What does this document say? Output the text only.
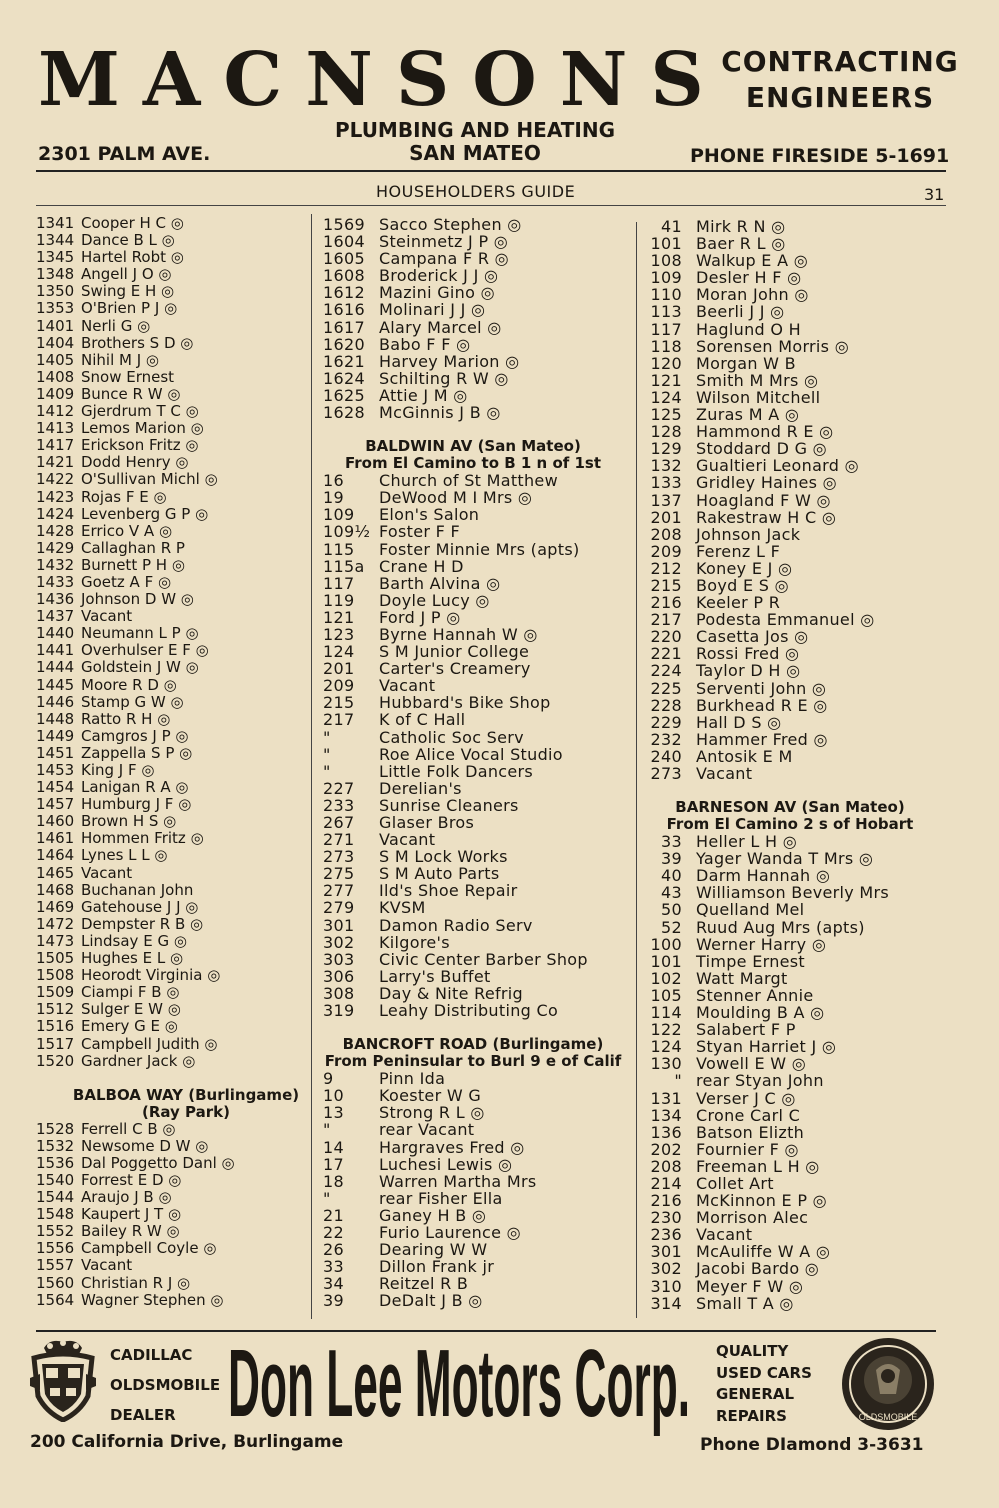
MACNSONS
CONTRACTING
ENGINEERS
PLUMBING AND HEATING
SAN MATEO
2301 PALM AVE.	PHONE FIRESIDE 5-1691
HOUSEHOLDERS GUIDE	31
1341 Cooper H C ◎
1344 Dance B L ◎
1345 Hartel Robt ◎
1348 Angell J O ◎
1350 Swing E H ◎
1353 O'Brien P J ◎
1401 Nerli G ◎
1404 Brothers S D ◎
1405 Nihil M J ◎
1408 Snow Ernest
1409 Bunce R W ◎
1412 Gjerdrum T C ◎
1413 Lemos Marion ◎
1417 Erickson Fritz ◎
1421 Dodd Henry ◎
1422 O'Sullivan Michl ◎
1423 Rojas F E ◎
1424 Levenberg G P ◎
1428 Errico V A ◎
1429 Callaghan R P
1432 Burnett P H ◎
1433 Goetz A F ◎
1436 Johnson D W ◎
1437 Vacant
1440 Neumann L P ◎
1441 Overhulser E F ◎
1444 Goldstein J W ◎
1445 Moore R D ◎
1446 Stamp G W ◎
1448 Ratto R H ◎
1449 Camgros J P ◎
1451 Zappella S P ◎
1453 King J F ◎
1454 Lanigan R A ◎
1457 Humburg J F ◎
1460 Brown H S ◎
1461 Hommen Fritz ◎
1464 Lynes L L ◎
1465 Vacant
1468 Buchanan John
1469 Gatehouse J J ◎
1472 Dempster R B ◎
1473 Lindsay E G ◎
1505 Hughes E L ◎
1508 Heorodt Virginia ◎
1509 Ciampi F B ◎
1512 Sulger E W ◎
1516 Emery G E ◎
1517 Campbell Judith ◎
1520 Gardner Jack ◎
BALBOA WAY (Burlingame)
(Ray Park)
1528 Ferrell C B ◎
1532 Newsome D W ◎
1536 Dal Poggetto Danl ◎
1540 Forrest E D ◎
1544 Araujo J B ◎
1548 Kaupert J T ◎
1552 Bailey R W ◎
1556 Campbell Coyle ◎
1557 Vacant
1560 Christian R J ◎
1564 Wagner Stephen ◎
1569 Sacco Stephen ◎
1604 Steinmetz J P ◎
1605 Campana F R ◎
1608 Broderick J J ◎
1612 Mazini Gino ◎
1616 Molinari J J ◎
1617 Alary Marcel ◎
1620 Babo F F ◎
1621 Harvey Marion ◎
1624 Schilting R W ◎
1625 Attie J M ◎
1628 McGinnis J B ◎
BALDWIN AV (San Mateo)
From El Camino to B 1 n of 1st
16 Church of St Matthew
19 DeWood M I Mrs ◎
109 Elon's Salon
109½ Foster F F
115 Foster Minnie Mrs (apts)
115a Crane H D
117 Barth Alvina ◎
119 Doyle Lucy ◎
121 Ford J P ◎
123 Byrne Hannah W ◎
124 S M Junior College
201 Carter's Creamery
209 Vacant
215 Hubbard's Bike Shop
217 K of C Hall
"	Catholic Soc Serv
"	Roe Alice Vocal Studio
"	Little Folk Dancers
227 Derelian's
233 Sunrise Cleaners
267 Glaser Bros
271 Vacant
273 S M Lock Works
275 S M Auto Parts
277 Ild's Shoe Repair
279 KVSM
301 Damon Radio Serv
302 Kilgore's
303 Civic Center Barber Shop
306 Larry's Buffet
308 Day & Nite Refrig
319 Leahy Distributing Co
BANCROFT ROAD (Burlingame)
From Peninsular to Burl 9 e of Calif
9	Pinn Ida
10 Koester W G
13 Strong R L ◎
"	rear Vacant
14 Hargraves Fred ◎
17 Luchesi Lewis ◎
18 Warren Martha Mrs
"	rear Fisher Ella
21 Ganey H B ◎
22 Furio Laurence ◎
26 Dearing W W
33 Dillon Frank jr
34 Reitzel R B
39 DeDalt J B ◎
41 Mirk R N ◎
101 Baer R L ◎
108 Walkup E A ◎
109 Desler H F ◎
110 Moran John ◎
113 Beerli J J ◎
117 Haglund O H
118 Sorensen Morris ◎
120 Morgan W B
121 Smith M Mrs ◎
124 Wilson Mitchell
125 Zuras M A ◎
128 Hammond R E ◎
129 Stoddard D G ◎
132 Gualtieri Leonard ◎
133 Gridley Haines ◎
137 Hoagland F W ◎
201 Rakestraw H C ◎
208 Johnson Jack
209 Ferenz L F
212 Koney E J ◎
215 Boyd E S ◎
216 Keeler P R
217 Podesta Emmanuel ◎
220 Casetta Jos ◎
221 Rossi Fred ◎
224 Taylor D H ◎
225 Serventi John ◎
228 Burkhead R E ◎
229 Hall D S ◎
232 Hammer Fred ◎
240 Antosik E M
273 Vacant
BARNESON AV (San Mateo)
From El Camino 2 s of Hobart
33 Heller L H ◎
39 Yager Wanda T Mrs ◎
40 Darm Hannah ◎
43 Williamson Beverly Mrs
50 Quelland Mel
52 Ruud Aug Mrs (apts)
100 Werner Harry ◎
101 Timpe Ernest
102 Watt Margt
105 Stenner Annie
114 Moulding B A ◎
122 Salabert F P
124 Styan Harriet J ◎
130 Vowell E W ◎
" rear Styan John
131 Verser J C ◎
134 Crone Carl C
136 Batson Elizth
202 Fournier F ◎
208 Freeman L H ◎
214 Collet Art
216 McKinnon E P ◎
230 Morrison Alec
236 Vacant
301 McAuliffe W A ◎
302 Jacobi Bardo ◎
310 Meyer F W ◎
314 Small T A ◎
CADILLAC
OLDSMOBILE
DEALER Don Lee Motors Corp. QUALITY
USED CARS
GENERAL
REPAIRS	OLDSMOBILE
200 California Drive, Burlingame	Phone DIamond 3-3631
